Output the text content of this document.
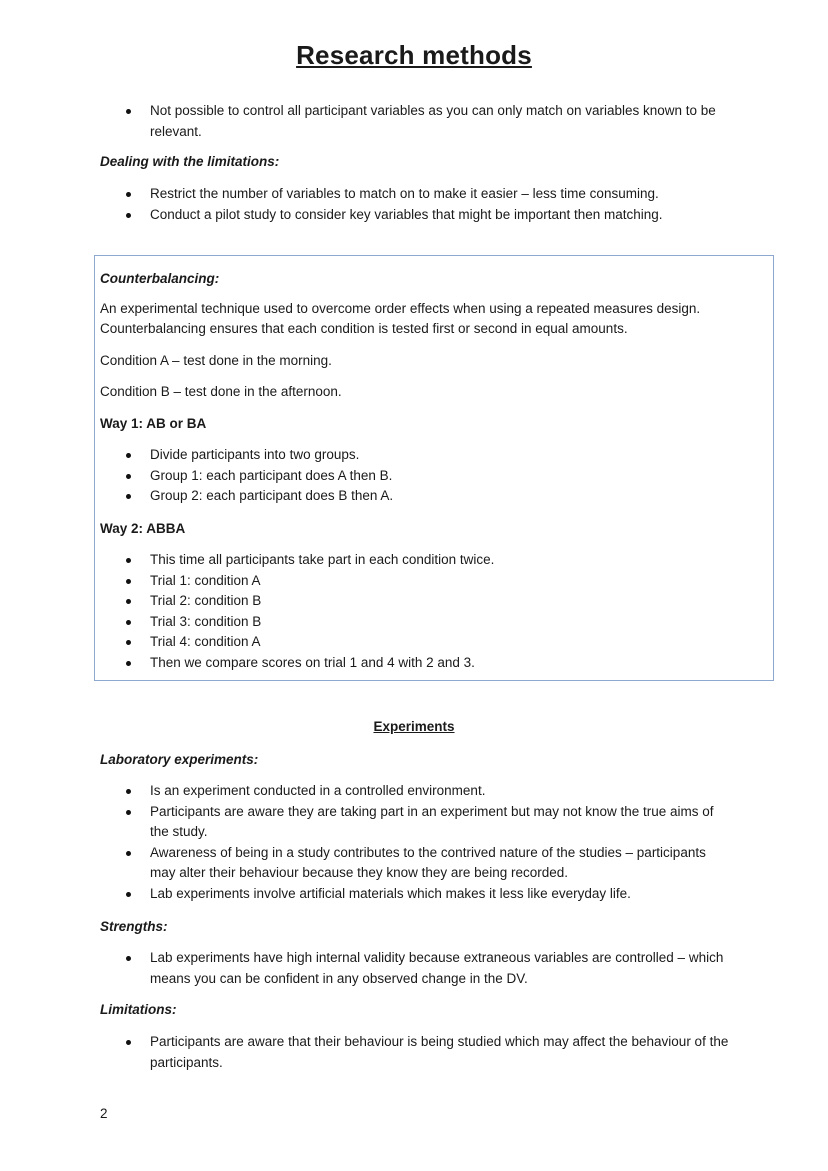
Research methods
Not possible to control all participant variables as you can only match on variables known to be relevant.

Dealing with the limitations:

Restrict the number of variables to match on to make it easier – less time consuming.
Conduct a pilot study to consider key variables that might be important then matching.

Counterbalancing:

An experimental technique used to overcome order effects when using a repeated measures design. Counterbalancing ensures that each condition is tested first or second in equal amounts.

Condition A – test done in the morning.

Condition B – test done in the afternoon.

Way 1: AB or BA

Divide participants into two groups.
Group 1: each participant does A then B.
Group 2: each participant does B then A.

Way 2: ABBA

This time all participants take part in each condition twice.
Trial 1: condition A
Trial 2: condition B
Trial 3: condition B
Trial 4: condition A
Then we compare scores on trial 1 and 4 with 2 and 3.
Experiments

Laboratory experiments:

Is an experiment conducted in a controlled environment.
Participants are aware they are taking part in an experiment but may not know the true aims of the study.
Awareness of being in a study contributes to the contrived nature of the studies – participants may alter their behaviour because they know they are being recorded.
Lab experiments involve artificial materials which makes it less like everyday life.

Strengths:

Lab experiments have high internal validity because extraneous variables are controlled – which means you can be confident in any observed change in the DV.

Limitations:

Participants are aware that their behaviour is being studied which may affect the behaviour of the participants.
2
